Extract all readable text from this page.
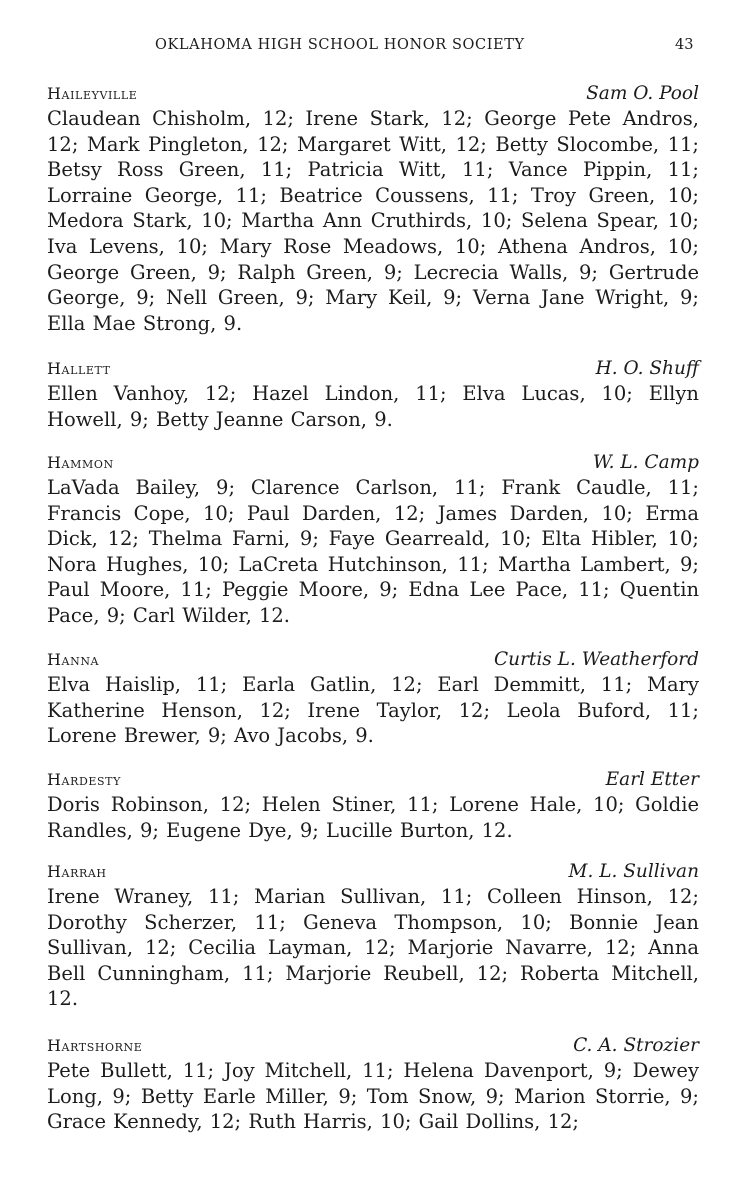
OKLAHOMA HIGH SCHOOL HONOR SOCIETY	43
Haileyville	Sam O. Pool

Claudean Chisholm, 12; Irene Stark, 12; George Pete Andros, 12; Mark Pingleton, 12; Margaret Witt, 12; Betty Slocombe, 11; Betsy Ross Green, 11; Patricia Witt, 11; Vance Pippin, 11; Lorraine George, 11; Beatrice Coussens, 11; Troy Green, 10; Medora Stark, 10; Martha Ann Cruthirds, 10; Selena Spear, 10; Iva Levens, 10; Mary Rose Meadows, 10; Athena Andros, 10; George Green, 9; Ralph Green, 9; Lecrecia Walls, 9; Gertrude George, 9; Nell Green, 9; Mary Keil, 9; Verna Jane Wright, 9; Ella Mae Strong, 9.

Hallett	H. O. Shuff

Ellen Vanhoy, 12; Hazel Lindon, 11; Elva Lucas, 10; Ellyn Howell, 9; Betty Jeanne Carson, 9.

Hammon	W. L. Camp

LaVada Bailey, 9; Clarence Carlson, 11; Frank Caudle, 11; Francis Cope, 10; Paul Darden, 12; James Darden, 10; Erma Dick, 12; Thelma Farni, 9; Faye Gearreald, 10; Elta Hibler, 10; Nora Hughes, 10; LaCreta Hutchinson, 11; Martha Lambert, 9; Paul Moore, 11; Peggie Moore, 9; Edna Lee Pace, 11; Quentin Pace, 9; Carl Wilder, 12.

Hanna	Curtis L. Weatherford

Elva Haislip, 11; Earla Gatlin, 12; Earl Demmitt, 11; Mary Katherine Henson, 12; Irene Taylor, 12; Leola Buford, 11; Lorene Brewer, 9; Avo Jacobs, 9.

Hardesty	Earl Etter

Doris Robinson, 12; Helen Stiner, 11; Lorene Hale, 10; Goldie Randles, 9; Eugene Dye, 9; Lucille Burton, 12.

Harrah	M. L. Sullivan

Irene Wraney, 11; Marian Sullivan, 11; Colleen Hinson, 12; Dorothy Scherzer, 11; Geneva Thompson, 10; Bonnie Jean Sullivan, 12; Cecilia Layman, 12; Marjorie Navarre, 12; Anna Bell Cunningham, 11; Marjorie Reubell, 12; Roberta Mitchell, 12.

Hartshorne	C. A. Strozier

Pete Bullett, 11; Joy Mitchell, 11; Helena Davenport, 9; Dewey Long, 9; Betty Earle Miller, 9; Tom Snow, 9; Marion Storrie, 9; Grace Kennedy, 12; Ruth Harris, 10; Gail Dollins, 12;
